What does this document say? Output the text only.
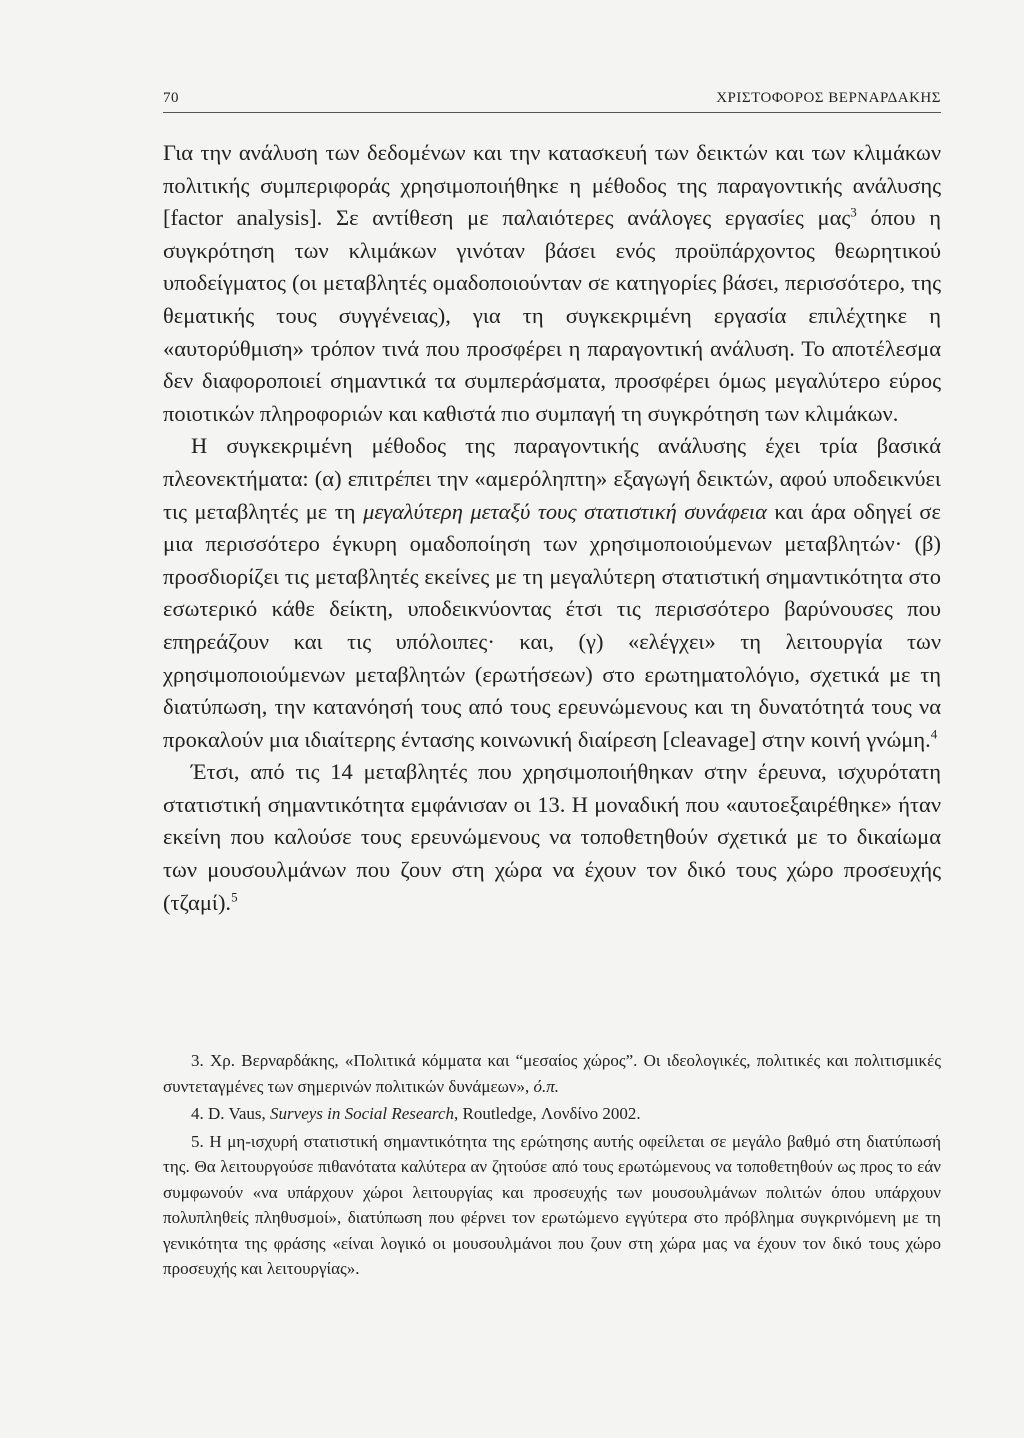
70	ΧΡΙΣΤΟΦΟΡΟΣ ΒΕΡΝΑΡΔΑΚΗΣ

Για την ανάλυση των δεδομένων και την κατασκευή των δεικτών και των κλιμάκων πολιτικής συμπεριφοράς χρησιμοποιήθηκε η μέθοδος της παραγοντικής ανάλυσης [factor analysis]. Σε αντίθεση με παλαιότερες ανάλογες εργασίες μας$^3$ όπου η συγκρότηση των κλιμάκων γινόταν βάσει ενός προϋπάρχοντος θεωρητικού υποδείγματος (οι μεταβλητές ομαδοποιούνταν σε κατηγορίες βάσει, περισσότερο, της θεματικής τους συγγένειας), για τη συγκεκριμένη εργασία επιλέχτηκε η «αυτορύθμιση» τρόπον τινά που προσφέρει η παραγοντική ανάλυση. Το αποτέλεσμα δεν διαφοροποιεί σημαντικά τα συμπεράσματα, προσφέρει όμως μεγαλύτερο εύρος ποιοτικών πληροφοριών και καθιστά πιο συμπαγή τη συγκρότηση των κλιμάκων.

Η συγκεκριμένη μέθοδος της παραγοντικής ανάλυσης έχει τρία βασικά πλεονεκτήματα: (α) επιτρέπει την «αμερόληπτη» εξαγωγή δεικτών, αφού υποδεικνύει τις μεταβλητές με τη μεγαλύτερη μεταξύ τους στατιστική συνάφεια και άρα οδηγεί σε μια περισσότερο έγκυρη ομαδοποίηση των χρησιμοποιούμενων μεταβλητών· (β) προσδιορίζει τις μεταβλητές εκείνες με τη μεγαλύτερη στατιστική σημαντικότητα στο εσωτερικό κάθε δείκτη, υποδεικνύοντας έτσι τις περισσότερο βαρύνουσες που επηρεάζουν και τις υπόλοιπες· και, (γ) «ελέγχει» τη λειτουργία των χρησιμοποιούμενων μεταβλητών (ερωτήσεων) στο ερωτηματολόγιο, σχετικά με τη διατύπωση, την κατανόησή τους από τους ερευνώμενους και τη δυνατότητά τους να προκαλούν μια ιδιαίτερης έντασης κοινωνική διαίρεση [cleavage] στην κοινή γνώμη.$^4$

Έτσι, από τις 14 μεταβλητές που χρησιμοποιήθηκαν στην έρευνα, ισχυρότατη στατιστική σημαντικότητα εμφάνισαν οι 13. Η μοναδική που «αυτοεξαιρέθηκε» ήταν εκείνη που καλούσε τους ερευνώμενους να τοποθετηθούν σχετικά με το δικαίωμα των μουσουλμάνων που ζουν στη χώρα να έχουν τον δικό τους χώρο προσευχής (τζαμί).$^5$

3. Χρ. Βερναρδάκης, «Πολιτικά κόμματα και “μεσαίος χώρος”. Οι ιδεολογικές, πολιτικές και πολιτισμικές συντεταγμένες των σημερινών πολιτικών δυνάμεων», ό.π.

4. D. Vaus, Surveys in Social Research, Routledge, Λονδίνο 2002.

5. Η μη-ισχυρή στατιστική σημαντικότητα της ερώτησης αυτής οφείλεται σε μεγάλο βαθμό στη διατύπωσή της. Θα λειτουργούσε πιθανότατα καλύτερα αν ζητούσε από τους ερωτώμενους να τοποθετηθούν ως προς το εάν συμφωνούν «να υπάρχουν χώροι λειτουργίας και προσευχής των μουσουλμάνων πολιτών όπου υπάρχουν πολυπληθείς πληθυσμοί», διατύπωση που φέρνει τον ερωτώμενο εγγύτερα στο πρόβλημα συγκρινόμενη με τη γενικότητα της φράσης «είναι λογικό οι μουσουλμάνοι που ζουν στη χώρα μας να έχουν τον δικό τους χώρο προσευχής και λειτουργίας».
